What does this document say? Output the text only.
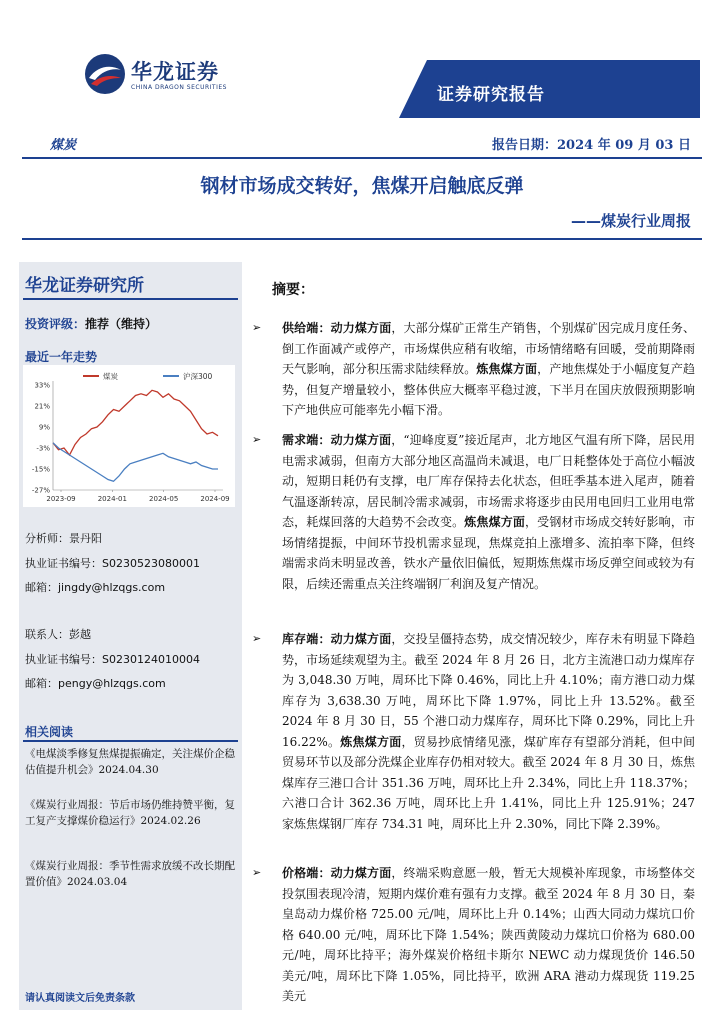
华龙证券
CHINA DRAGON SECURITIES	证券研究报告
煤炭	报告日期：2024 年 09 月 03 日
钢材市场成交转好，焦煤开启触底反弹
——煤炭行业周报
华龙证券研究所
投资评级：推荐（维持）
最近一年走势
33%
21%
9%
-3%
-15%
-27%
2023-09	2024-01	2024-05	2024-09
煤炭	沪深300
分析师：景丹阳
执业证书编号：S0230523080001
邮箱：jingdy@hlzqgs.com
联系人：彭越
执业证书编号：S0230124010004
邮箱：pengy@hlzqgs.com
相关阅读
《电煤淡季修复焦煤提振确定，关注煤价企稳估值提升机会》2024.04.30
《煤炭行业周报：节后市场仍维持赞平衡，复工复产支撑煤价稳运行》2024.02.26
《煤炭行业周报：季节性需求放缓不改长期配置价值》2024.03.04
请认真阅读文后免责条款
摘要：
➢ 供给端：动力煤方面，大部分煤矿正常生产销售，个别煤矿因完成月度任务、倒工作面减产或停产，市场煤供应稍有收缩，市场情绪略有回暖，受前期降雨天气影响，部分积压需求陆续释放。炼焦煤方面，产地焦煤处于小幅度复产趋势，但复产增量较小，整体供应大概率平稳过渡，下半月在国庆放假预期影响下产地供应可能率先小幅下滑。
➢ 需求端：动力煤方面，“迎峰度夏”接近尾声，北方地区气温有所下降，居民用电需求减弱，但南方大部分地区高温尚未减退，电厂日耗整体处于高位小幅波动，短期日耗仍有支撑，电厂库存保持去化状态，但旺季基本进入尾声，随着气温逐渐转凉，居民制冷需求减弱，市场需求将逐步由民用电回归工业用电常态，耗煤回落的大趋势不会改变。炼焦煤方面，受钢材市场成交转好影响，市场情绪提振，中间环节投机需求显现，焦煤竞拍上涨增多、流拍率下降，但终端需求尚未明显改善，铁水产量依旧偏低，短期炼焦煤市场反弹空间或较为有限，后续还需重点关注终端钢厂利润及复产情况。
➢ 库存端：动力煤方面，交投呈僵持态势，成交情况较少，库存未有明显下降趋势，市场延续观望为主。截至 2024 年 8 月 26 日，北方主流港口动力煤库存为 3,048.30 万吨，周环比下降 0.46%，同比上升 4.10%；南方港口动力煤库存为 3,638.30 万吨，周环比下降 1.97%，同比上升 13.52%。截至 2024 年 8 月 30 日，55 个港口动力煤库存，周环比下降 0.29%，同比上升 16.22%。炼焦煤方面，贸易抄底情绪见涨，煤矿库存有望部分消耗，但中间贸易环节以及部分洗煤企业库存仍相对较大。截至 2024 年 8 月 30 日，炼焦煤库存三港口合计 351.36 万吨，周环比上升 2.34%，同比上升 118.37%；六港口合计 362.36 万吨，周环比上升 1.41%，同比上升 125.91%；247 家炼焦煤钢厂库存 734.31 吨，周环比上升 2.30%，同比下降 2.39%。
➢ 价格端：动力煤方面，终端采购意愿一般，暂无大规模补库现象，市场整体交投氛围表现冷清，短期内煤价难有强有力支撑。截至 2024 年 8 月 30 日，秦皇岛动力煤价格 725.00 元/吨，周环比上升 0.14%；山西大同动力煤坑口价格 640.00 元/吨，周环比下降 1.54%；陕西黄陵动力煤坑口价格为 680.00 元/吨，周环比持平；海外煤炭价格纽卡斯尔 NEWC 动力煤现货价 146.50 美元/吨，周环比下降 1.05%，同比持平，欧洲 ARA 港动力煤现货 119.25 美元
